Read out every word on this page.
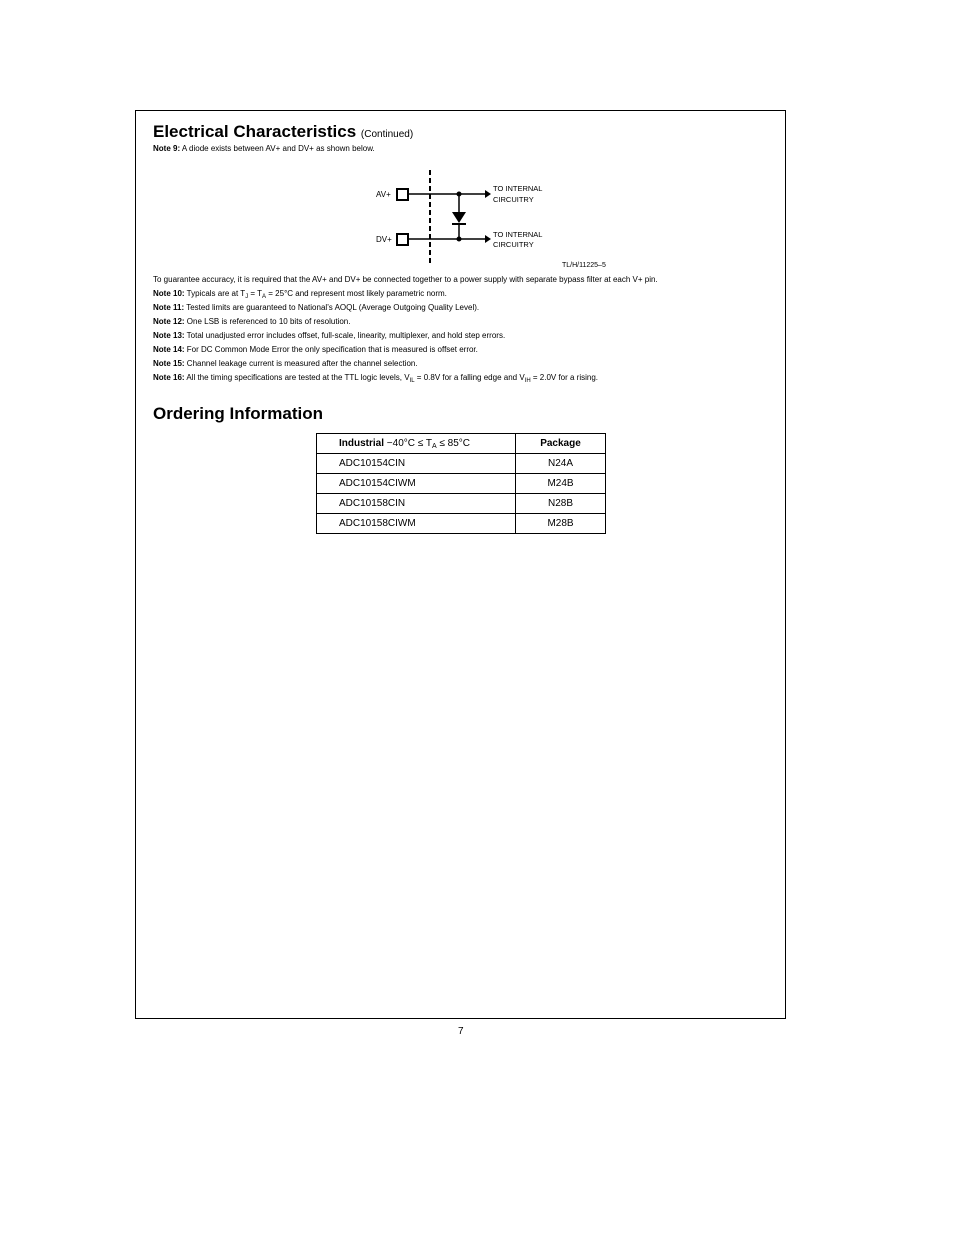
Electrical Characteristics (Continued)
Note 9: A diode exists between AV+ and DV+ as shown below.
AV+
DV+
TO INTERNAL
CIRCUITRY
TO INTERNAL
CIRCUITRY
TL/H/11225–5
To guarantee accuracy, it is required that the AV+ and DV+ be connected together to a power supply with separate bypass filter at each V+ pin.
Note 10: Typicals are at $T_J = T_A = 25^\circ C$ and represent most likely parametric norm.
Note 11: Tested limits are guaranteed to National’s AOQL (Average Outgoing Quality Level).
Note 12: One LSB is referenced to 10 bits of resolution.
Note 13: Total unadjusted error includes offset, full-scale, linearity, multiplexer, and hold step errors.
Note 14: For DC Common Mode Error the only specification that is measured is offset error.
Note 15: Channel leakage current is measured after the channel selection.
Note 16: All the timing specifications are tested at the TTL logic levels, $V_{IL} = 0.8V$ for a falling edge and $V_{IH} = 2.0V$ for a rising.
Ordering Information
Industrial $-40^\circ C \le T_A \le 85^\circ C$	Package
ADC10154CIN	N24A
ADC10154CIWM	M24B
ADC10158CIN	N28B
ADC10158CIWM	M28B
7
